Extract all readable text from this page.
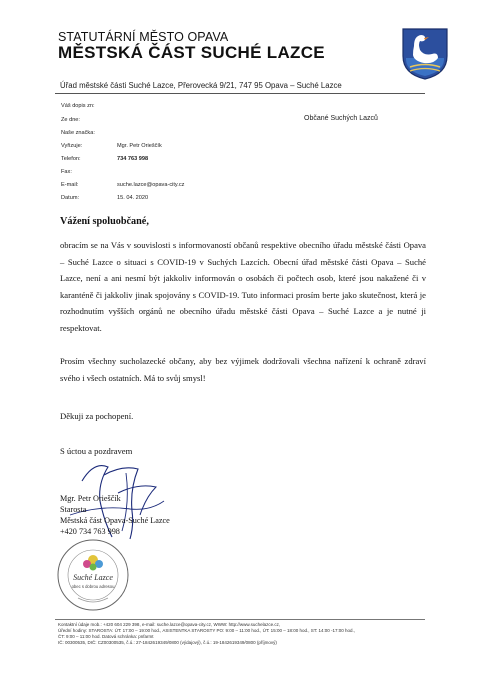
STATUTÁRNÍ MĚSTO OPAVA
MĚSTSKÁ ČÁST SUCHÉ LAZCE
Úřad městské části Suché Lazce, Přerovecká 9/21, 747 95 Opava – Suché Lazce
Váš dopis zn:
Ze dne:
Naše značka:
Vyřizuje:
Telefon:
Fax:
E-mail:
Datum:
Mgr. Petr Orieščík
734 763 998
suche.lazce@opava-city.cz
15. 04. 2020
Občané Suchých Lazců
Vážení spoluobčané,
obracím se na Vás v souvislosti s informovaností občanů respektive obecního úřadu městské části Opava – Suché Lazce o situaci s COVID-19 v Suchých Lazcích. Obecní úřad městské části Opava – Suché Lazce, není a ani nesmí být jakkoliv informován o osobách či počtech osob, které jsou nakažené či v karanténě či jakkoliv jinak spojovány s COVID-19. Tuto informaci prosím berte jako skutečnost, která je rozhodnutím vyšších orgánů ne obecního úřadu městské části Opava – Suché Lazce a je nutné ji respektovat.
Prosím všechny sucholazecké občany, aby bez výjimek dodržovali všechna nařízení k ochraně zdraví svého i všech ostatních. Má to svůj smysl!
Děkuji za pochopení.
S úctou a pozdravem
Mgr. Petr Orieščík
Starosta
Městská část Opava-Suché Lazce
+420 734 763 998
Suché Lazce
obec s dobrou adresou
Kontaktní údaje mob.: +420 604 229 398, e-mail: suche.lazce@opava-city.cz, WWW: http://www.suchelazce.cz,
Úřední hodiny: STAROSTA: ÚT: 17:00 – 19:00 hod., ASISTENTKA STAROSTY PO: 9:00 – 11:00 hod., ÚT: 15:00 – 18:00 hod., ST: 14:00 -17:00 hod.,
ČT: 9:00 – 11:00 hod. Datová schránka: pnfarmt
IČ: 00300535, DIČ: CZ00300535, č.ú.: 27-1842619349/0800 (výdajový), č.ú.: 19-1842619349/0800 (příjmový)
